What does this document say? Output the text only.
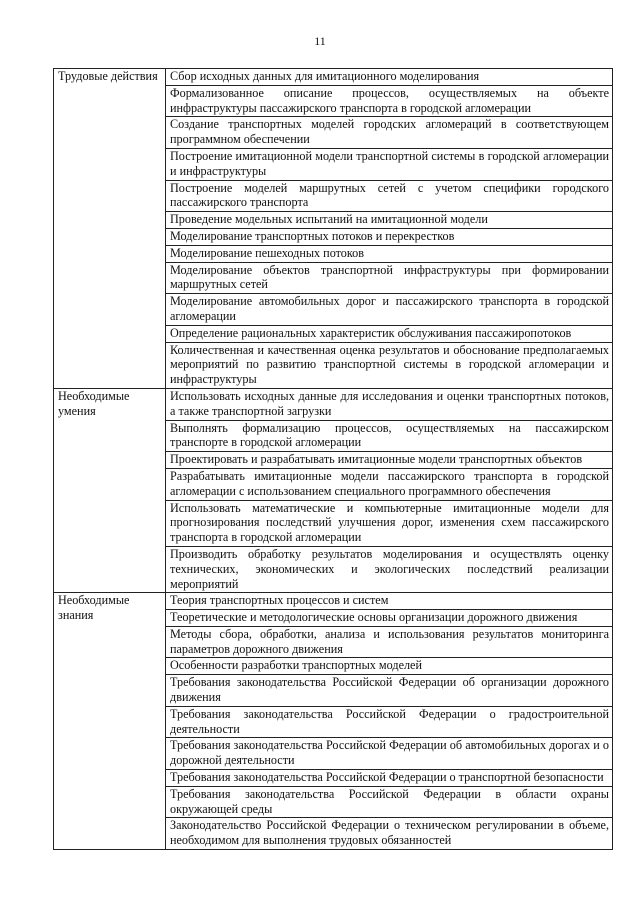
11
Трудовые действия	Сбор исходных данных для имитационного моделирования
	Формализованное описание процессов, осуществляемых на объекте инфраструктуры пассажирского транспорта в городской агломерации
	Создание транспортных моделей городских агломераций в соответствующем программном обеспечении
	Построение имитационной модели транспортной системы в городской агломерации и инфраструктуры
	Построение моделей маршрутных сетей с учетом специфики городского пассажирского транспорта
	Проведение модельных испытаний на имитационной модели
	Моделирование транспортных потоков и перекрестков
	Моделирование пешеходных потоков
	Моделирование объектов транспортной инфраструктуры при формировании маршрутных сетей
	Моделирование автомобильных дорог и пассажирского транспорта в городской агломерации
	Определение рациональных характеристик обслуживания пассажиропотоков
	Количественная и качественная оценка результатов и обоснование предполагаемых мероприятий по развитию транспортной системы в городской агломерации и инфраструктуры
Необходимые умения	Использовать исходных данные для исследования и оценки транспортных потоков, а также транспортной загрузки
	Выполнять формализацию процессов, осуществляемых на пассажирском транспорте в городской агломерации
	Проектировать и разрабатывать имитационные модели транспортных объектов
	Разрабатывать имитационные модели пассажирского транспорта в городской агломерации с использованием специального программного обеспечения
	Использовать математические и компьютерные имитационные модели для прогнозирования последствий улучшения дорог, изменения схем пассажирского транспорта в городской агломерации
	Производить обработку результатов моделирования и осуществлять оценку технических, экономических и экологических последствий реализации мероприятий
Необходимые знания	Теория транспортных процессов и систем
	Теоретические и методологические основы организации дорожного движения
	Методы сбора, обработки, анализа и использования результатов мониторинга параметров дорожного движения
	Особенности разработки транспортных моделей
	Требования законодательства Российской Федерации об организации дорожного движения
	Требования законодательства Российской Федерации о градостроительной деятельности
	Требования законодательства Российской Федерации об автомобильных дорогах и о дорожной деятельности
	Требования законодательства Российской Федерации о транспортной безопасности
	Требования законодательства Российской Федерации в области охраны окружающей среды
	Законодательство Российской Федерации о техническом регулировании в объеме, необходимом для выполнения трудовых обязанностей
